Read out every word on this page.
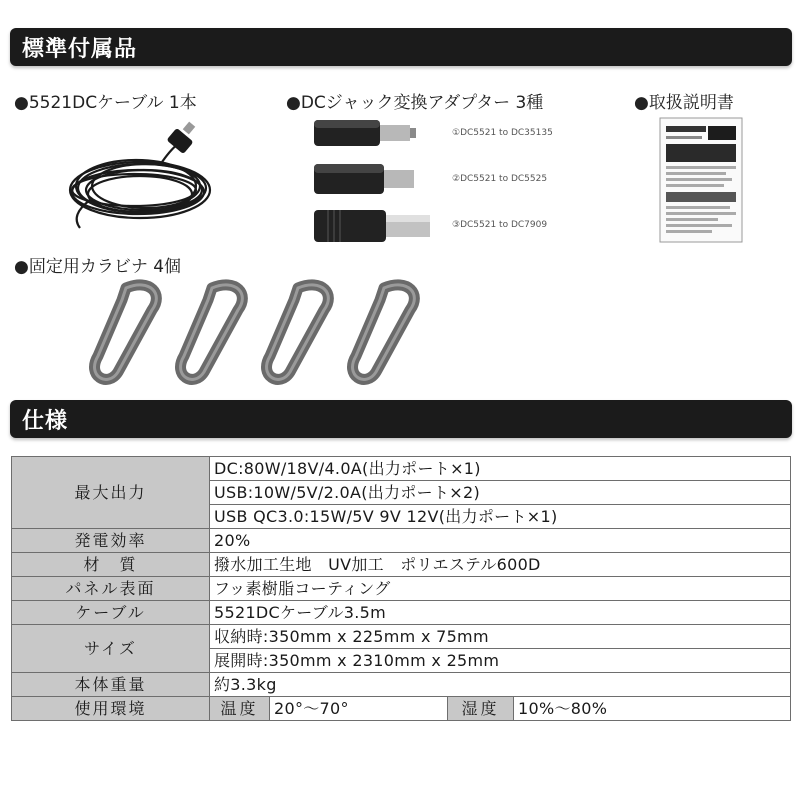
標準付属品
●5521DCケーブル 1本	●DCジャック変換アダプター 3種	●取扱説明書
●固定用カラビナ 4個
①DC5521 to DC35135
②DC5521 to DC5525
③DC5521 to DC7909
仕様
最大出力	DC:80W/18V/4.0A(出力ポート×1)			
	USB:10W/5V/2.0A(出力ポート×2)			
	USB QC3.0:15W/5V 9V 12V(出力ポート×1)			
発電効率	20%			
材　質	撥水加工生地　UV加工　ポリエステル600D			
パネル表面	フッ素樹脂コーティング			
ケーブル	5521DCケーブル3.5m			
サイズ	収納時:350mm x 225mm x 75mm			
	展開時:350mm x 2310mm x 25mm			
本体重量	約3.3kg			
使用環境	温度	20°〜70°	湿度	10%〜80%
